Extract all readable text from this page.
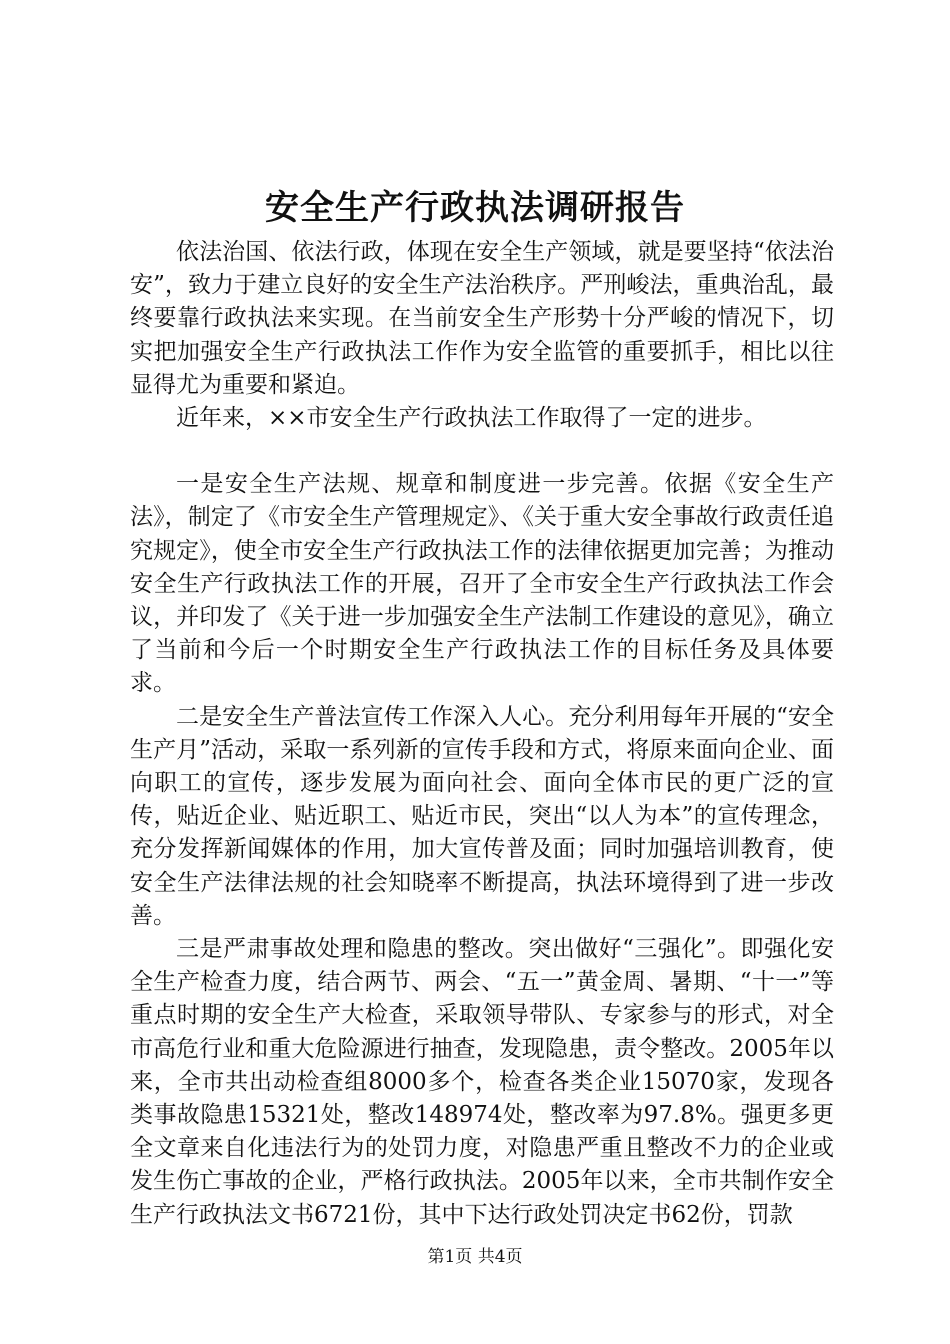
安全生产行政执法调研报告

依法治国、依法行政，体现在安全生产领域，就是要坚持“依法治安”，致力于建立良好的安全生产法治秩序。严刑峻法，重典治乱，最终要靠行政执法来实现。在当前安全生产形势十分严峻的情况下，切实把加强安全生产行政执法工作作为安全监管的重要抓手，相比以往显得尤为重要和紧迫。

近年来，××市安全生产行政执法工作取得了一定的进步。

一是安全生产法规、规章和制度进一步完善。依据《安全生产法》，制定了《市安全生产管理规定》、《关于重大安全事故行政责任追究规定》，使全市安全生产行政执法工作的法律依据更加完善；为推动安全生产行政执法工作的开展，召开了全市安全生产行政执法工作会议，并印发了《关于进一步加强安全生产法制工作建设的意见》，确立了当前和今后一个时期安全生产行政执法工作的目标任务及具体要求。

二是安全生产普法宣传工作深入人心。充分利用每年开展的“安全生产月”活动，采取一系列新的宣传手段和方式，将原来面向企业、面向职工的宣传，逐步发展为面向社会、面向全体市民的更广泛的宣传，贴近企业、贴近职工、贴近市民，突出“以人为本”的宣传理念，充分发挥新闻媒体的作用，加大宣传普及面；同时加强培训教育，使安全生产法律法规的社会知晓率不断提高，执法环境得到了进一步改善。

三是严肃事故处理和隐患的整改。突出做好“三强化”。即强化安全生产检查力度，结合两节、两会、“五一”黄金周、暑期、“十一”等重点时期的安全生产大检查，采取领导带队、专家参与的形式，对全市高危行业和重大危险源进行抽查，发现隐患，责令整改。2005年以来，全市共出动检查组8000多个，检查各类企业15070家，发现各类事故隐患15321处，整改148974处，整改率为97.8%。强更多更全文章来自化违法行为的处罚力度，对隐患严重且整改不力的企业或发生伤亡事故的企业，严格行政执法。2005年以来，全市共制作安全生产行政执法文书6721份，其中下达行政处罚决定书62份，罚款

第1页 共4页
